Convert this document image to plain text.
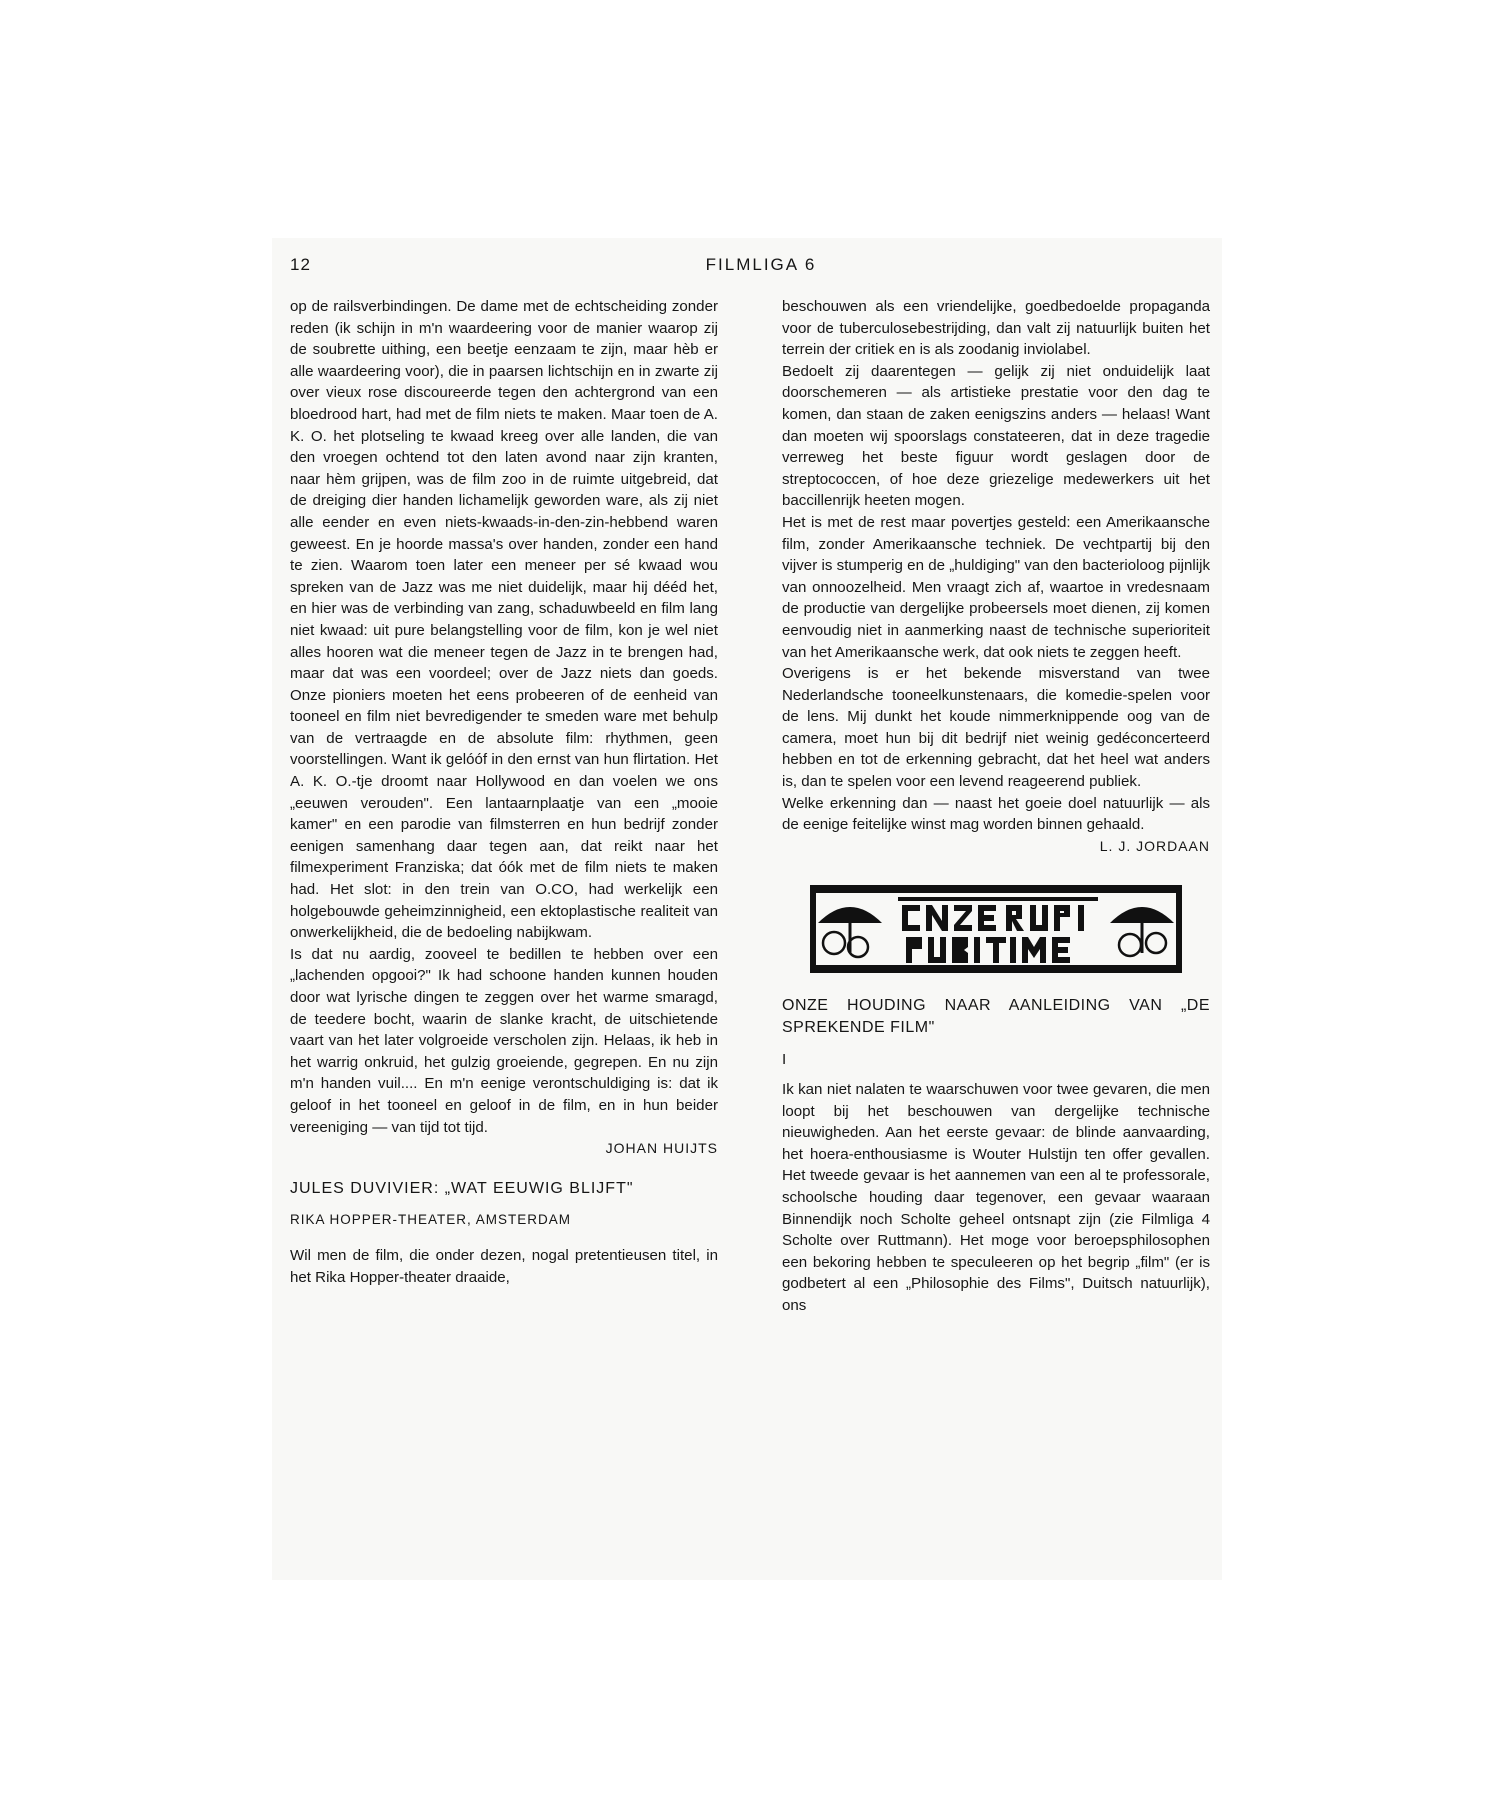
12	FILMLIGA 6

op de railsverbindingen. De dame met de echtscheiding zonder reden (ik schijn in m'n waardeering voor de manier waarop zij de soubrette uithing, een beetje eenzaam te zijn, maar hèb er alle waardeering voor), die in paarsen lichtschijn en in zwarte zij over vieux rose discoureerde tegen den achtergrond van een bloedrood hart, had met de film niets te maken. Maar toen de A. K. O. het plotseling te kwaad kreeg over alle landen, die van den vroegen ochtend tot den laten avond naar zijn kranten, naar hèm grijpen, was de film zoo in de ruimte uitgebreid, dat de dreiging dier handen lichamelijk geworden ware, als zij niet alle eender en even niets-kwaads-in-den-zin-hebbend waren geweest. En je hoorde massa's over handen, zonder een hand te zien. Waarom toen later een meneer per sé kwaad wou spreken van de Jazz was me niet duidelijk, maar hij dééd het, en hier was de verbinding van zang, schaduwbeeld en film lang niet kwaad: uit pure belangstelling voor de film, kon je wel niet alles hooren wat die meneer tegen de Jazz in te brengen had, maar dat was een voordeel; over de Jazz niets dan goeds. Onze pioniers moeten het eens probeeren of de eenheid van tooneel en film niet bevredigender te smeden ware met behulp van de vertraagde en de absolute film: rhythmen, geen voorstellingen. Want ik gelóóf in den ernst van hun flirtation. Het A. K. O.-tje droomt naar Hollywood en dan voelen we ons „eeuwen verouden". Een lantaarnplaatje van een „mooie kamer" en een parodie van filmsterren en hun bedrijf zonder eenigen samenhang daar tegen aan, dat reikt naar het filmexperiment Franziska; dat óók met de film niets te maken had. Het slot: in den trein van O.CO, had werkelijk een holgebouwde geheimzinnigheid, een ektoplastische realiteit van onwerkelijkheid, die de bedoeling nabijkwam.

Is dat nu aardig, zooveel te bedillen te hebben over een „lachenden opgooi?" Ik had schoone handen kunnen houden door wat lyrische dingen te zeggen over het warme smaragd, de teedere bocht, waarin de slanke kracht, de uitschietende vaart van het later volgroeide verscholen zijn. Helaas, ik heb in het warrig onkruid, het gulzig groeiende, gegrepen. En nu zijn m'n handen vuil.... En m'n eenige verontschuldiging is: dat ik geloof in het tooneel en geloof in de film, en in hun beider vereeniging — van tijd tot tijd.

JOHAN HUIJTS

JULES DUVIVIER: „WAT EEUWIG BLIJFT"

RIKA HOPPER-THEATER, AMSTERDAM

Wil men de film, die onder dezen, nogal pretentieusen titel, in het Rika Hopper-theater draaide,

beschouwen als een vriendelijke, goedbedoelde propaganda voor de tuberculosebestrijding, dan valt zij natuurlijk buiten het terrein der critiek en is als zoodanig inviolabel.

Bedoelt zij daarentegen — gelijk zij niet onduidelijk laat doorschemeren — als artistieke prestatie voor den dag te komen, dan staan de zaken eenigszins anders — helaas! Want dan moeten wij spoorslags constateeren, dat in deze tragedie verreweg het beste figuur wordt geslagen door de streptococcen, of hoe deze griezelige medewerkers uit het baccillenrijk heeten mogen.

Het is met de rest maar povertjes gesteld: een Amerikaansche film, zonder Amerikaansche techniek. De vechtpartij bij den vijver is stumperig en de „huldiging" van den bacterioloog pijnlijk van onnoozelheid. Men vraagt zich af, waartoe in vredesnaam de productie van dergelijke probeersels moet dienen, zij komen eenvoudig niet in aanmerking naast de technische superioriteit van het Amerikaansche werk, dat ook niets te zeggen heeft.

Overigens is er het bekende misverstand van twee Nederlandsche tooneelkunstenaars, die komedie-spelen voor de lens. Mij dunkt het koude nimmerknippende oog van de camera, moet hun bij dit bedrijf niet weinig gedéconcerteerd hebben en tot de erkenning gebracht, dat het heel wat anders is, dan te spelen voor een levend reageerend publiek.

Welke erkenning dan — naast het goeie doel natuurlijk — als de eenige feitelijke winst mag worden binnen gehaald.

L. J. JORDAAN

ONZE HOUDING NAAR AANLEIDING VAN „DE SPREKENDE FILM"

I

Ik kan niet nalaten te waarschuwen voor twee gevaren, die men loopt bij het beschouwen van dergelijke technische nieuwigheden. Aan het eerste gevaar: de blinde aanvaarding, het hoera-enthousiasme is Wouter Hulstijn ten offer gevallen. Het tweede gevaar is het aannemen van een al te professorale, schoolsche houding daar tegenover, een gevaar waaraan Binnendijk noch Scholte geheel ontsnapt zijn (zie Filmliga 4 Scholte over Ruttmann). Het moge voor beroepsphilosophen een bekoring hebben te speculeeren op het begrip „film" (er is godbetert al een „Philosophie des Films", Duitsch natuurlijk), ons
